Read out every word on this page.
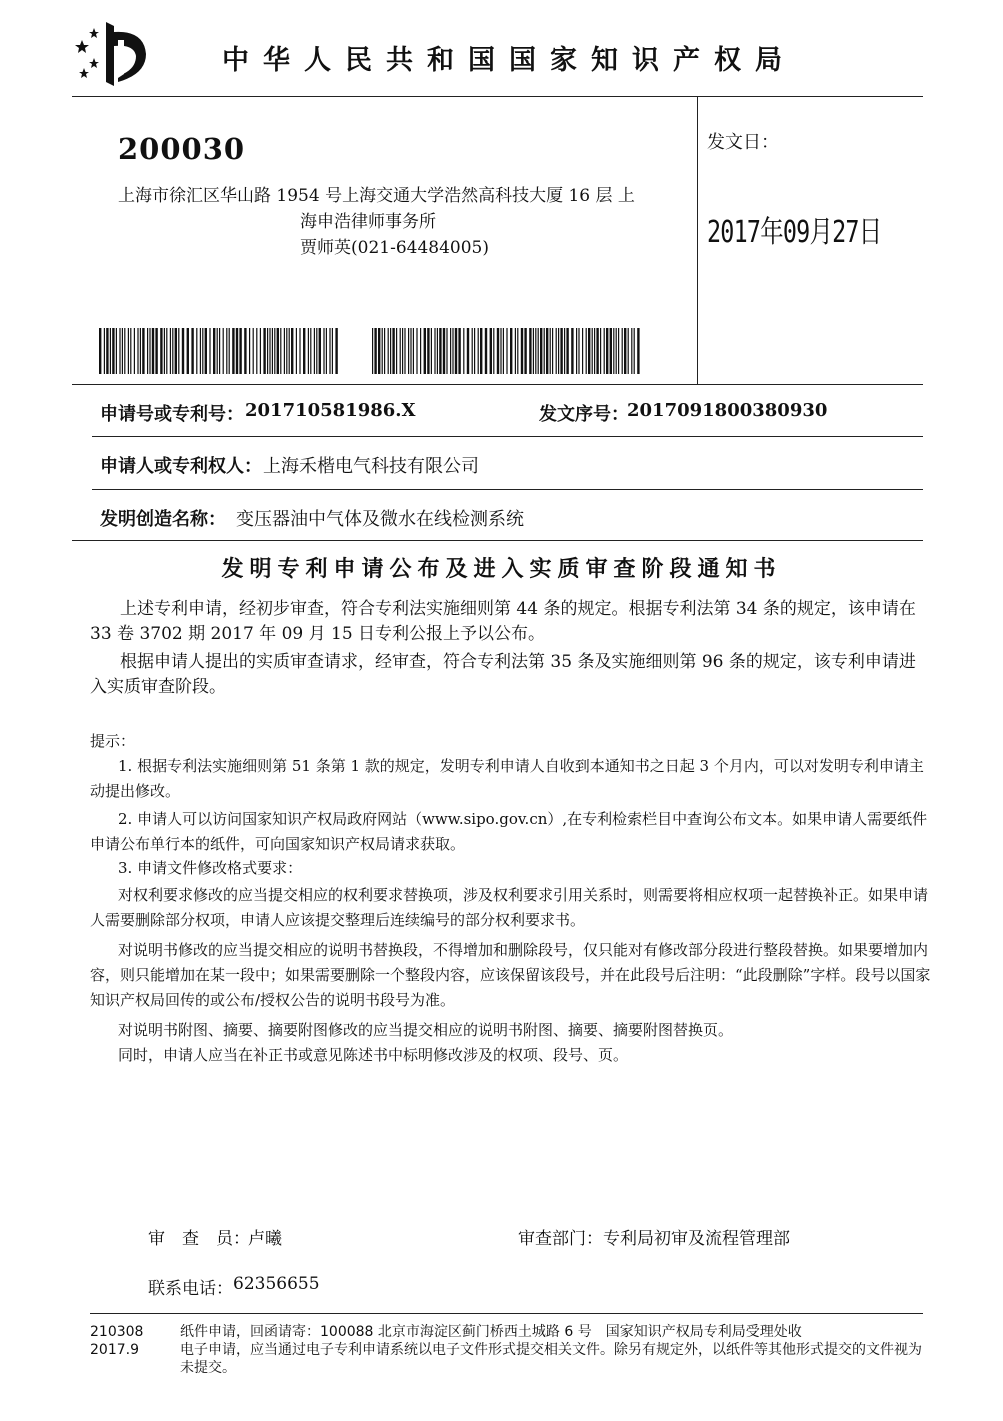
中华人民共和国国家知识产权局
200030
上海市徐汇区华山路 1954 号上海交通大学浩然高科技大厦 16 层 上
海申浩律师事务所
贾师英(021-64484005)
发文日：
2017年09月27日
申请号或专利号： 201710581986.X	发文序号：
2017091800380930
申请人或专利权人： 上海禾楷电气科技有限公司
发明创造名称： 变压器油中气体及微水在线检测系统
发明专利申请公布及进入实质审查阶段通知书
上述专利申请，经初步审查，符合专利法实施细则第 44 条的规定。根据专利法第 34 条的规定，该申请在 33 卷 3702 期 2017 年 09 月 15 日专利公报上予以公布。
根据申请人提出的实质审查请求，经审查，符合专利法第 35 条及实施细则第 96 条的规定，该专利申请进入实质审查阶段。
提示：
1. 根据专利法实施细则第 51 条第 1 款的规定，发明专利申请人自收到本通知书之日起 3 个月内，可以对发明专利申请主动提出修改。
2. 申请人可以访问国家知识产权局政府网站（www.sipo.gov.cn）,在专利检索栏目中查询公布文本。如果申请人需要纸件申请公布单行本的纸件，可向国家知识产权局请求获取。
3. 申请文件修改格式要求：
对权利要求修改的应当提交相应的权利要求替换项，涉及权利要求引用关系时，则需要将相应权项一起替换补正。如果申请人需要删除部分权项，申请人应该提交整理后连续编号的部分权利要求书。
对说明书修改的应当提交相应的说明书替换段，不得增加和删除段号，仅只能对有修改部分段进行整段替换。如果要增加内容，则只能增加在某一段中；如果需要删除一个整段内容，应该保留该段号，并在此段号后注明：“此段删除”字样。段号以国家知识产权局回传的或公布/授权公告的说明书段号为准。
对说明书附图、摘要、摘要附图修改的应当提交相应的说明书附图、摘要、摘要附图替换页。
同时，申请人应当在补正书或意见陈述书中标明修改涉及的权项、段号、页。
审　查　员：
卢曦	审查部门： 专利局初审及流程管理部
联系电话： 62356655
210308
2017.9
纸件申请，回函请寄：100088 北京市海淀区蓟门桥西土城路 6 号　国家知识产权局专利局受理处收
电子申请，应当通过电子专利申请系统以电子文件形式提交相关文件。除另有规定外，以纸件等其他形式提交的文件视为未提交。
